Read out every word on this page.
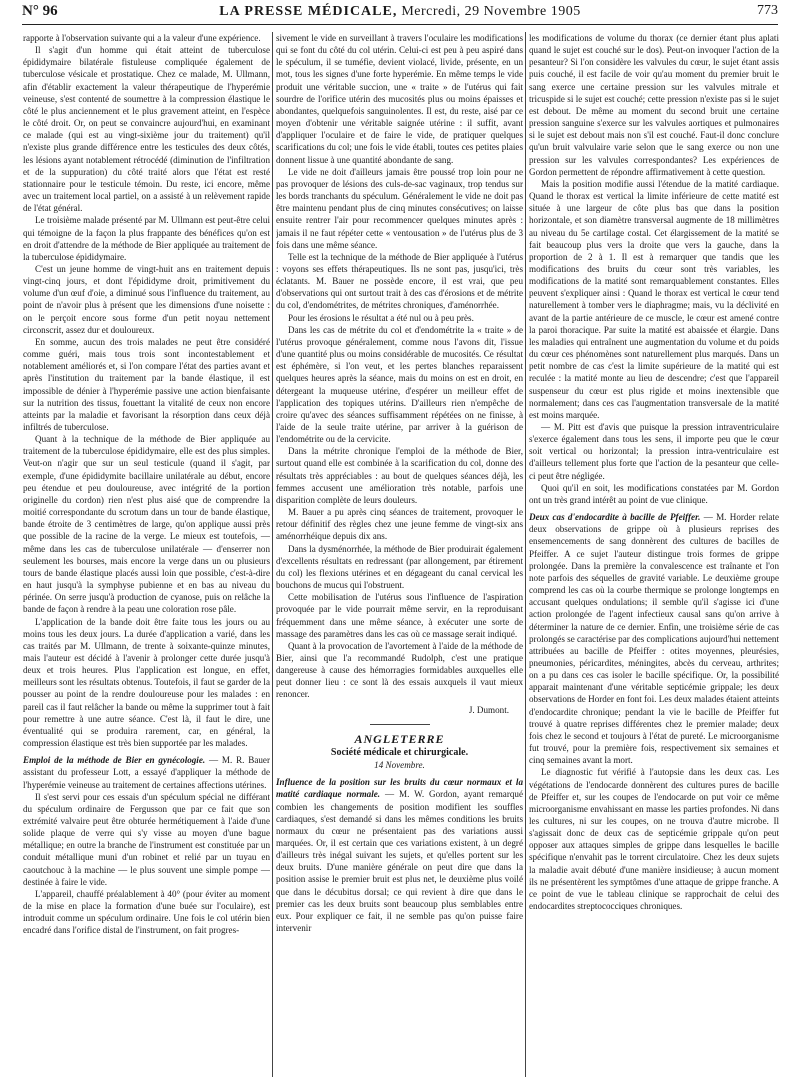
N° 96	LA PRESSE MÉDICALE, Mercredi, 29 Novembre 1905	773

rapporte à l'observation suivante qui a la valeur d'une expérience.

Il s'agit d'un homme qui était atteint de tuberculose épididymaire bilatérale fistuleuse compliquée également de tuberculose vésicale et prostatique. Chez ce malade, M. Ullmann, afin d'établir exactement la valeur thérapeutique de l'hyperémie veineuse, s'est contenté de soumettre à la compression élastique le côté le plus anciennement et le plus gravement atteint, en l'espèce le côté droit. Or, on peut se convaincre aujourd'hui, en examinant ce malade (qui est au vingt-sixième jour du traitement) qu'il n'existe plus grande différence entre les testicules des deux côtés, les lésions ayant notablement rétrocédé (diminution de l'infiltration et de la suppuration) du côté traité alors que l'état est resté stationnaire pour le testicule témoin. Du reste, ici encore, même avec un traitement local partiel, on a assisté à un relèvement rapide de l'état général.

Le troisième malade présenté par M. Ullmann est peut-être celui qui témoigne de la façon la plus frappante des bénéfices qu'on est en droit d'attendre de la méthode de Bier appliquée au traitement de la tuberculose épididymaire.

C'est un jeune homme de vingt-huit ans en traitement depuis vingt-cinq jours, et dont l'épididyme droit, primitivement du volume d'un œuf d'oie, a diminué sous l'influence du traitement, au point de n'avoir plus à présent que les dimensions d'une noisette : on le perçoit encore sous forme d'un petit noyau nettement circonscrit, assez dur et douloureux.

En somme, aucun des trois malades ne peut être considéré comme guéri, mais tous trois sont incontestablement et notablement améliorés et, si l'on compare l'état des parties avant et après l'institution du traitement par la bande élastique, il est impossible de dénier à l'hyperémie passive une action bienfaisante sur la nutrition des tissus, fouettant la vitalité de ceux non encore atteints par la maladie et favorisant la résorption dans ceux déjà infiltrés de tuberculose.

Quant à la technique de la méthode de Bier appliquée au traitement de la tuberculose épididymaire, elle est des plus simples. Veut-on n'agir que sur un seul testicule (quand il s'agit, par exemple, d'une épididymite bacillaire unilatérale au début, encore peu étendue et peu douloureuse, avec intégrité de la portion originelle du cordon) rien n'est plus aisé que de comprendre la moitié correspondante du scrotum dans un tour de bande élastique, bande étroite de 3 centimètres de large, qu'on applique aussi près que possible de la racine de la verge. Le mieux est toutefois, — même dans les cas de tuberculose unilatérale — d'enserrer non seulement les bourses, mais encore la verge dans un ou plusieurs tours de bande élastique placés aussi loin que possible, c'est-à-dire en haut jusqu'à la symphyse pubienne et en bas au niveau du périnée. On serre jusqu'à production de cyanose, puis on relâche la bande de façon à rendre à la peau une coloration rose pâle.

L'application de la bande doit être faite tous les jours ou au moins tous les deux jours. La durée d'application a varié, dans les cas traités par M. Ullmann, de trente à soixante-quinze minutes, mais l'auteur est décidé à l'avenir à prolonger cette durée jusqu'à deux et trois heures. Plus l'application est longue, en effet, meilleurs sont les résultats obtenus. Toutefois, il faut se garder de la pousser au point de la rendre douloureuse pour les malades : en pareil cas il faut relâcher la bande ou même la supprimer tout à fait pour remettre à une autre séance. C'est là, il faut le dire, une éventualité qui se produira rarement, car, en général, la compression élastique est très bien supportée par les malades.

Emploi de la méthode de Bier en gynécologie. — M. R. Bauer assistant du professeur Lott, a essayé d'appliquer la méthode de l'hyperémie veineuse au traitement de certaines affections utérines.

Il s'est servi pour ces essais d'un spéculum spécial ne différant du spéculum ordinaire de Fergusson que par ce fait que son extrémité valvaire peut être obturée hermétiquement à l'aide d'une solide plaque de verre qui s'y visse au moyen d'une bague métallique; en outre la branche de l'instrument est constituée par un conduit métallique muni d'un robinet et relié par un tuyau en caoutchouc à la machine — le plus souvent une simple pompe — destinée à faire le vide.

L'appareil, chauffé préalablement à 40° (pour éviter au moment de la mise en place la formation d'une buée sur l'oculaire), est introduit comme un spéculum ordinaire. Une fois le col utérin bien encadré dans l'orifice distal de l'instrument, on fait progres-

sivement le vide en surveillant à travers l'oculaire les modifications qui se font du côté du col utérin. Celui-ci est peu à peu aspiré dans le spéculum, il se tuméfie, devient violacé, livide, présente, en un mot, tous les signes d'une forte hyperémie. En même temps le vide produit une véritable succion, une « traite » de l'utérus qui fait sourdre de l'orifice utérin des mucosités plus ou moins épaisses et abondantes, quelquefois sanguinolentes. Il est, du reste, aisé par ce moyen d'obtenir une véritable saignée utérine : il suffit, avant d'appliquer l'oculaire et de faire le vide, de pratiquer quelques scarifications du col; une fois le vide établi, toutes ces petites plaies donnent lissue à une quantité abondante de sang.

Le vide ne doit d'ailleurs jamais être poussé trop loin pour ne pas provoquer de lésions des culs-de-sac vaginaux, trop tendus sur les bords tranchants du spéculum. Généralement le vide ne doit pas être maintenu pendant plus de cinq minutes consécutives; on laisse ensuite rentrer l'air pour recommencer quelques minutes après : jamais il ne faut répéter cette « ventousation » de l'utérus plus de 3 fois dans une même séance.

Telle est la technique de la méthode de Bier appliquée à l'utérus : voyons ses effets thérapeutiques. Ils ne sont pas, jusqu'ici, très éclatants. M. Bauer ne possède encore, il est vrai, que peu d'observations qui ont surtout trait à des cas d'érosions et de métrite du col, d'endométrites, de métrites chroniques, d'aménorrhée.

Pour les érosions le résultat a été nul ou à peu près.

Dans les cas de métrite du col et d'endométrite la « traite » de l'utérus provoque généralement, comme nous l'avons dit, l'issue d'une quantité plus ou moins considérable de mucosités. Ce résultat est éphémère, si l'on veut, et les pertes blanches reparaissent quelques heures après la séance, mais du moins on est en droit, en détergeant la muqueuse utérine, d'espérer un meilleur effet de l'application des topiques utérins. D'ailleurs rien n'empêche de croire qu'avec des séances suffisamment répétées on ne finisse, à l'aide de la seule traite utérine, par arriver à la guérison de l'endométrite ou de la cervicite.

Dans la métrite chronique l'emploi de la méthode de Bier, surtout quand elle est combinée à la scarification du col, donne des résultats très appréciables : au bout de quelques séances déjà, les femmes accusent une amélioration très notable, parfois une disparition complète de leurs douleurs.

M. Bauer a pu après cinq séances de traitement, provoquer le retour définitif des règles chez une jeune femme de vingt-six ans aménorrhéique depuis dix ans.

Dans la dysménorrhée, la méthode de Bier produirait également d'excellents résultats en redressant (par allongement, par étirement du col) les flexions utérines et en dégageant du canal cervical les bouchons de mucus qui l'obstruent.

Cette mobilisation de l'utérus sous l'influence de l'aspiration provoquée par le vide pourrait même servir, en la reproduisant fréquemment dans une même séance, à exécuter une sorte de massage des paramètres dans les cas où ce massage serait indiqué.

Quant à la provocation de l'avortement à l'aide de la méthode de Bier, ainsi que l'a recommandé Rudolph, c'est une pratique dangereuse à cause des hémorragies formidables auxquelles elle peut donner lieu : ce sont là des essais auxquels il vaut mieux renoncer.

J. Dumont.

ANGLETERRE

Société médicale et chirurgicale.

14 Novembre.

Influence de la position sur les bruits du cœur normaux et la matité cardiaque normale. — M. W. Gordon, ayant remarqué combien les changements de position modifient les souffles cardiaques, s'est demandé si dans les mêmes conditions les bruits normaux du cœur ne présentaient pas des variations aussi marquées. Or, il est certain que ces variations existent, à un degré d'ailleurs très inégal suivant les sujets, et qu'elles portent sur les deux bruits. D'une manière générale on peut dire que dans la position assise le premier bruit est plus net, le deuxième plus voilé que dans le décubitus dorsal; ce qui revient à dire que dans le premier cas les deux bruits sont beaucoup plus semblables entre eux. Pour expliquer ce fait, il ne semble pas qu'on puisse faire intervenir

les modifications de volume du thorax (ce dernier étant plus aplati quand le sujet est couché sur le dos). Peut-on invoquer l'action de la pesanteur? Si l'on considère les valvules du cœur, le sujet étant assis puis couché, il est facile de voir qu'au moment du premier bruit le sang exerce une certaine pression sur les valvules mitrale et tricuspide si le sujet est couché; cette pression n'existe pas si le sujet est debout. De même au moment du second bruit une certaine pression sanguine s'exerce sur les valvules aortiques et pulmonaires si le sujet est debout mais non s'il est couché. Faut-il donc conclure qu'un bruit valvulaire varie selon que le sang exerce ou non une pression sur les valvules correspondantes? Les expériences de Gordon permettent de répondre affirmativement à cette question.

Mais la position modifie aussi l'étendue de la matité cardiaque. Quand le thorax est vertical la limite inférieure de cette matité est située à une largeur de côte plus bas que dans la position horizontale, et son diamètre transversal augmente de 18 millimètres au niveau du 5e cartilage costal. Cet élargissement de la matité se fait beaucoup plus vers la droite que vers la gauche, dans la proportion de 2 à 1. Il est à remarquer que tandis que les modifications des bruits du cœur sont très variables, les modifications de la matité sont remarquablement constantes. Elles peuvent s'expliquer ainsi : Quand le thorax est vertical le cœur tend naturellement à tomber vers le diaphragme; mais, vu la déclivité en avant de la partie antérieure de ce muscle, le cœur est amené contre la paroi thoracique. Par suite la matité est abaissée et élargie. Dans les maladies qui entraînent une augmentation du volume et du poids du cœur ces phénomènes sont naturellement plus marqués. Dans un petit nombre de cas c'est la limite supérieure de la matité qui est reculée : la matité monte au lieu de descendre; c'est que l'appareil suspenseur du cœur est plus rigide et moins inextensible que normalement; dans ces cas l'augmentation transversale de la matité est moins marquée.

— M. Pitt est d'avis que puisque la pression intraventriculaire s'exerce également dans tous les sens, il importe peu que le cœur soit vertical ou horizontal; la pression intra-ventriculaire est d'ailleurs tellement plus forte que l'action de la pesanteur que celle-ci peut être négligée.

Quoi qu'il en soit, les modifications constatées par M. Gordon ont un très grand intérêt au point de vue clinique.

Deux cas d'endocardite à bacille de Pfeiffer. — M. Horder relate deux observations de grippe où à plusieurs reprises des ensemencements de sang donnèrent des cultures de bacilles de Pfeiffer. A ce sujet l'auteur distingue trois formes de grippe prolongée. Dans la première la convalescence est traînante et l'on note parfois des séquelles de gravité variable. Le deuxième groupe comprend les cas où la courbe thermique se prolonge longtemps en accusant quelques ondulations; il semble qu'il s'agisse ici d'une action prolongée de l'agent infectieux causal sans qu'on arrive à déterminer la nature de ce dernier. Enfin, une troisième série de cas prolongés se caractérise par des complications aujourd'hui nettement attribuées au bacille de Pfeiffer : otites moyennes, pleurésies, pneumonies, péricardites, méningites, abcès du cerveau, arthrites; on a pu dans ces cas isoler le bacille spécifique. Or, la possibilité apparait maintenant d'une véritable septicémie grippale; les deux observations de Horder en font foi. Les deux malades étaient atteints d'endocardite chronique; pendant la vie le bacille de Pfeiffer fut trouvé à quatre reprises différentes chez le premier malade; deux fois chez le second et toujours à l'état de pureté. Le microorganisme fut trouvé, pour la première fois, respectivement six semaines et cinq semaines avant la mort.

Le diagnostic fut vérifié à l'autopsie dans les deux cas. Les végétations de l'endocarde donnèrent des cultures pures de bacille de Pfeiffer et, sur les coupes de l'endocarde on put voir ce même microorganisme envahissant en masse les parties profondes. Ni dans les cultures, ni sur les coupes, on ne trouva d'autre microbe. Il s'agissait donc de deux cas de septicémie grippale qu'on peut opposer aux attaques simples de grippe dans lesquelles le bacille spécifique n'envahit pas le torrent circulatoire. Chez les deux sujets la maladie avait débuté d'une manière insidieuse; à aucun moment ils ne présentèrent les symptômes d'une attaque de grippe franche. A ce point de vue le tableau clinique se rapprochait de celui des endocardites streptococciques chroniques.
